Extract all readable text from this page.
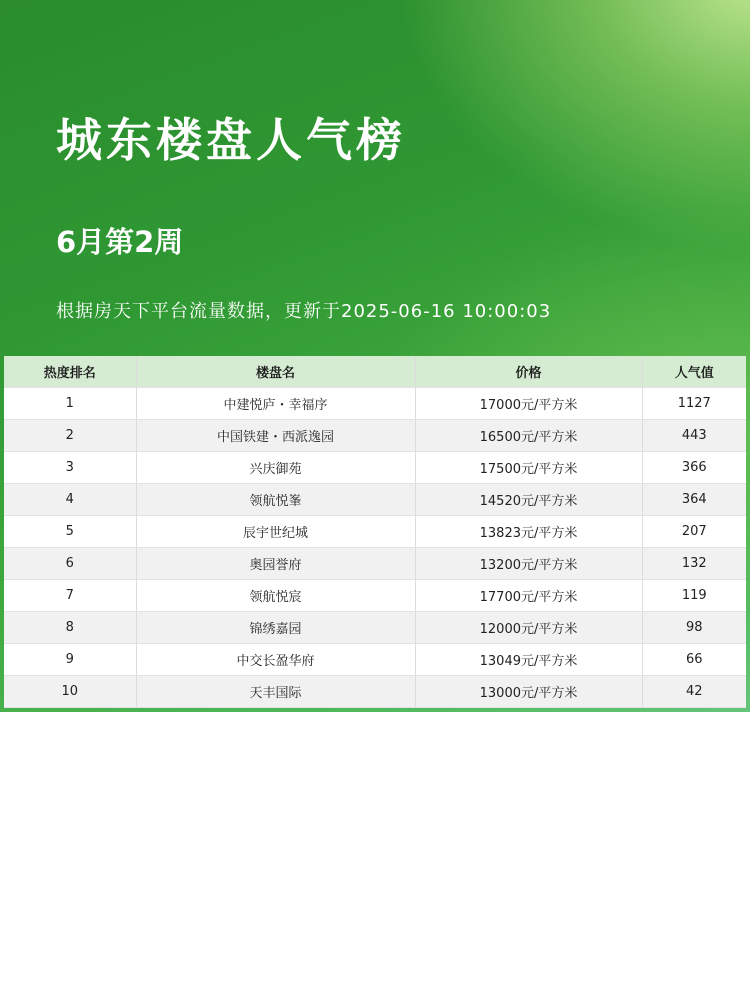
城东楼盘人气榜
6月第2周
根据房天下平台流量数据，更新于2025-06-16 10:00:03
热度排名	楼盘名	价格	人气值
1	中建悦庐・幸福序	17000元/平方米	1127
2	中国铁建・西派逸园	16500元/平方米	443
3	兴庆御苑	17500元/平方米	366
4	领航悦峯	14520元/平方米	364
5	辰宇世纪城	13823元/平方米	207
6	奥园誉府	13200元/平方米	132
7	领航悦宸	17700元/平方米	119
8	锦绣嘉园	12000元/平方米	98
9	中交长盈华府	13049元/平方米	66
10	天丰国际	13000元/平方米	42
